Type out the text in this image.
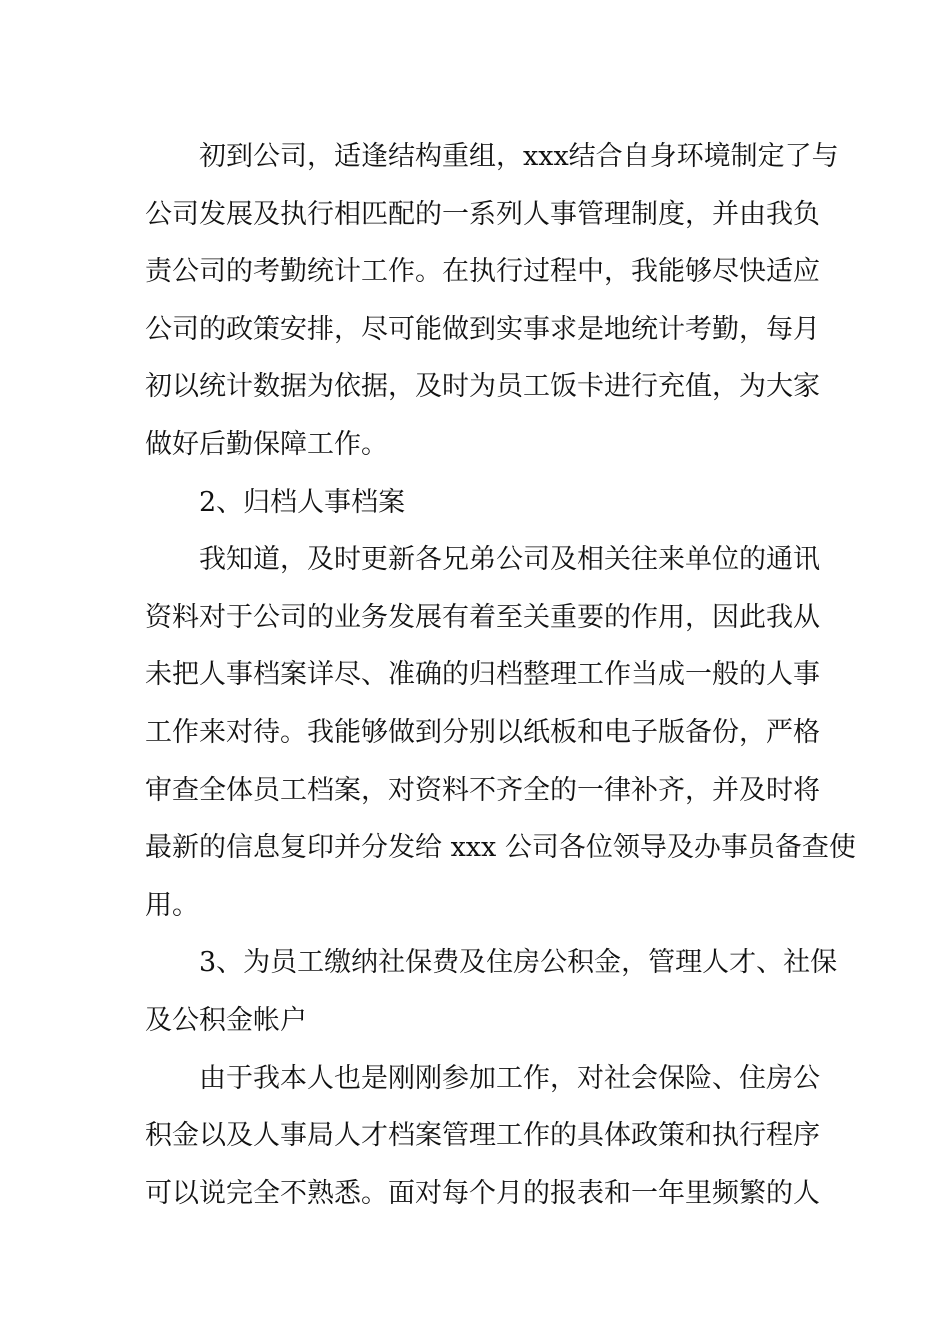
初到公司，适逢结构重组，xxx结合自身环境制定了与
公司发展及执行相匹配的一系列人事管理制度，并由我负
责公司的考勤统计工作。在执行过程中，我能够尽快适应
公司的政策安排，尽可能做到实事求是地统计考勤，每月
初以统计数据为依据，及时为员工饭卡进行充值，为大家
做好后勤保障工作。
2、归档人事档案
我知道，及时更新各兄弟公司及相关往来单位的通讯
资料对于公司的业务发展有着至关重要的作用，因此我从
未把人事档案详尽、准确的归档整理工作当成一般的人事
工作来对待。我能够做到分别以纸板和电子版备份，严格
审查全体员工档案，对资料不齐全的一律补齐，并及时将
最新的信息复印并分发给 xxx 公司各位领导及办事员备查使
用。
3、为员工缴纳社保费及住房公积金，管理人才、社保
及公积金帐户
由于我本人也是刚刚参加工作，对社会保险、住房公
积金以及人事局人才档案管理工作的具体政策和执行程序
可以说完全不熟悉。面对每个月的报表和一年里频繁的人
